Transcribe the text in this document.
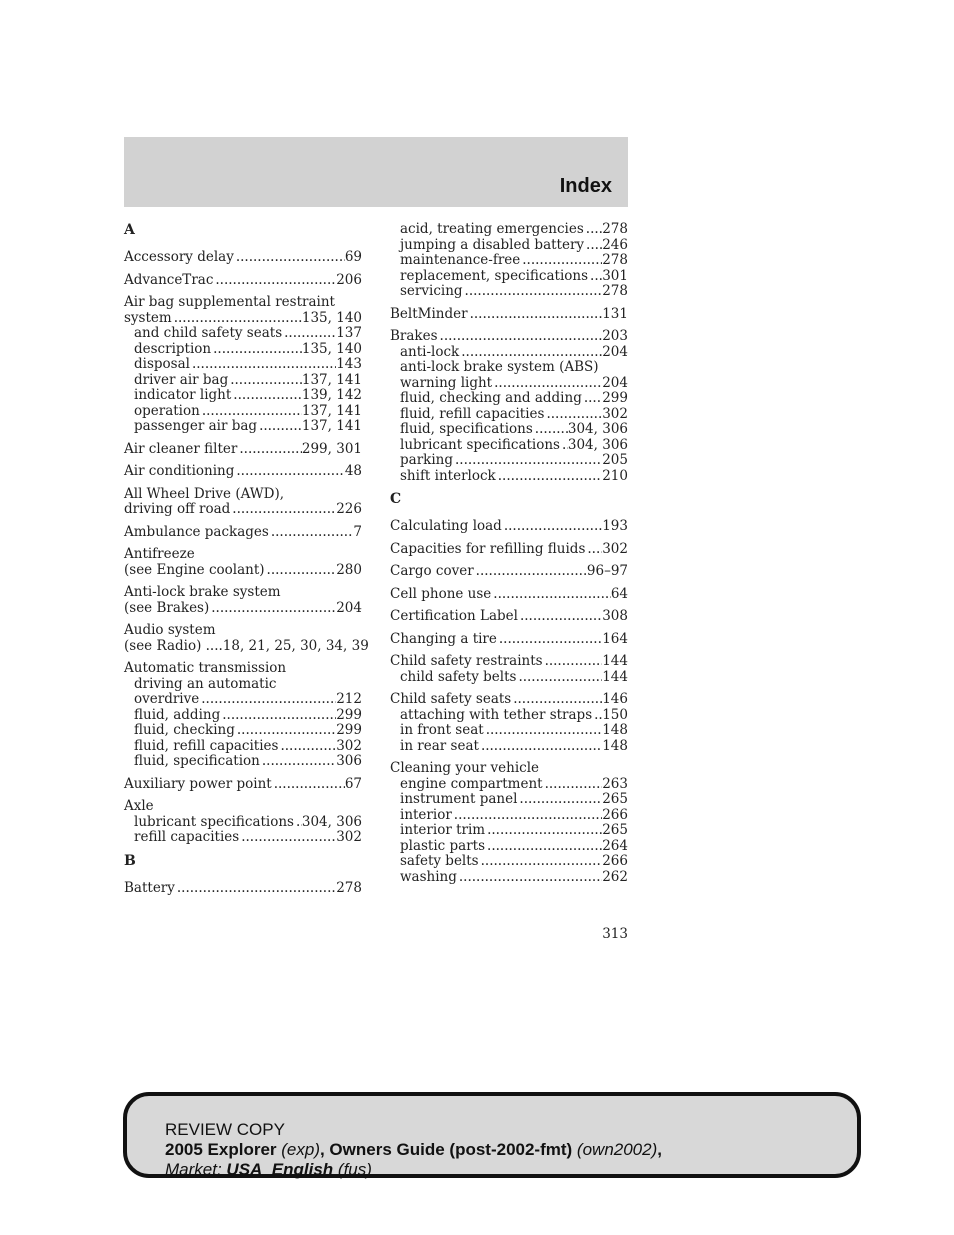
Index
A
Accessory delay .....	69
AdvanceTrac .....	206
Air bag supplemental restraint
system .....	135, 140
and child safety seats .....	137
description .....	135, 140
disposal .....	143
driver air bag .....	137, 141
indicator light .....	139, 142
operation .....	137, 141
passenger air bag .....	137, 141
Air cleaner filter .....	299, 301
Air conditioning .....	48
All Wheel Drive (AWD),
driving off road .....	226
Ambulance packages .....	7
Antifreeze
(see Engine coolant) .....	280
Anti-lock brake system
(see Brakes) .....	204
Audio system
(see Radio) ....18, 21, 25, 30, 34, 39
Automatic transmission
driving an automatic
overdrive .....	212
fluid, adding .....	299
fluid, checking .....	299
fluid, refill capacities .....	302
fluid, specification .....	306
Auxiliary power point .....	67
Axle
lubricant specifications ..... 304, 306
refill capacities .....	302
B
Battery .....	278
acid, treating emergencies ..... 278
jumping a disabled battery ..... 246
maintenance-free .....	278
replacement, specifications ..... 301
servicing .....	278
BeltMinder .....	131
Brakes .....	203
anti-lock .....	204
anti-lock brake system (ABS)
warning light .....	204
fluid, checking and adding ..... 299
fluid, refill capacities .....	302
fluid, specifications .....	304, 306
lubricant specifications ..... 304, 306
parking .....	205
shift interlock .....	210
C
Calculating load .....	193
Capacities for refilling fluids ..... 302
Cargo cover .....	96–97
Cell phone use .....	64
Certification Label .....	308
Changing a tire .....	164
Child safety restraints .....	144
child safety belts .....	144
Child safety seats .....	146
attaching with tether straps ..... 150
in front seat .....	148
in rear seat .....	148
Cleaning your vehicle
engine compartment .....	263
instrument panel .....	265
interior .....	266
interior trim .....	265
plastic parts .....	264
safety belts .....	266
washing .....	262
313
REVIEW COPY
2005 Explorer (exp), Owners Guide (post-2002-fmt) (own2002),
Market: USA_English (fus)
